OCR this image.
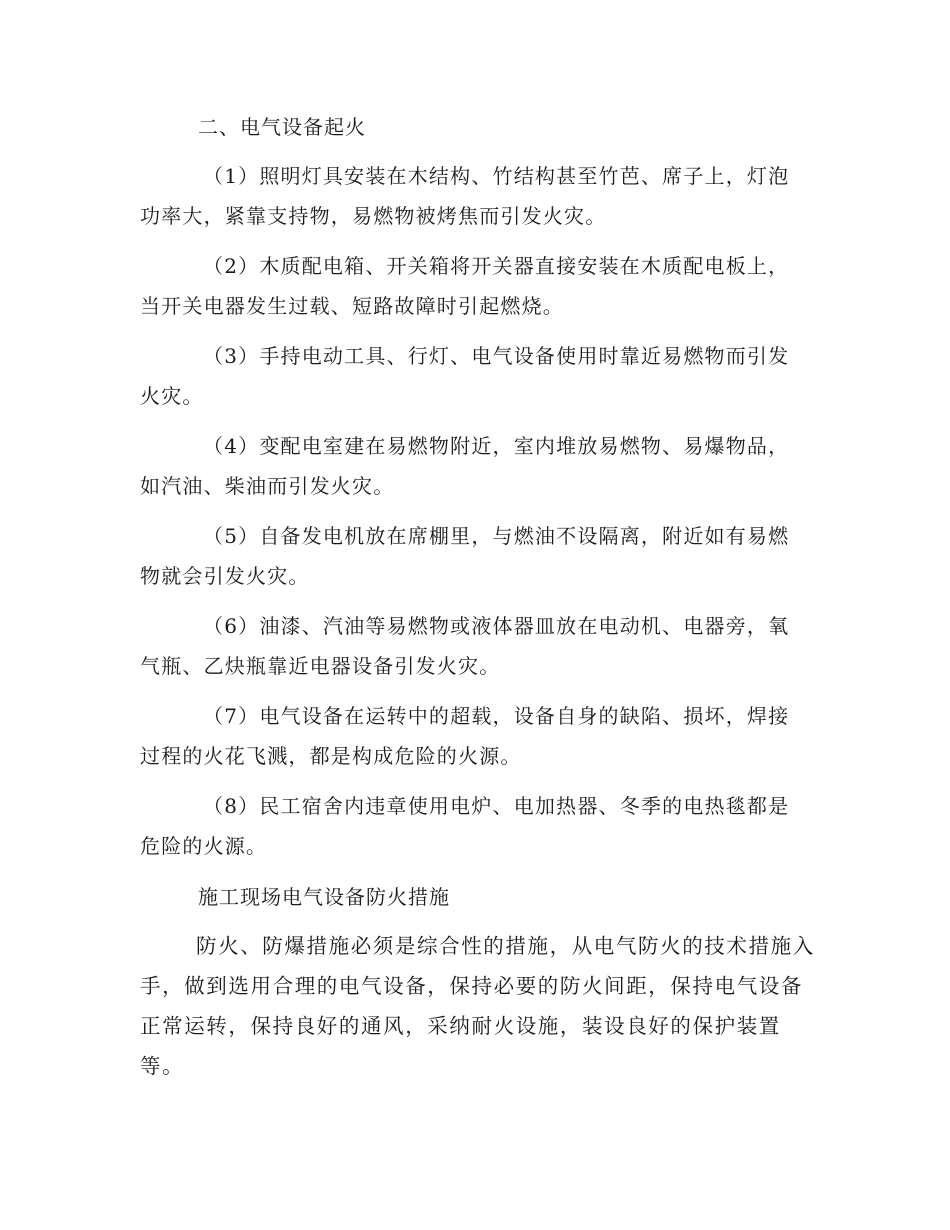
二、电气设备起火
（1）照明灯具安装在木结构、竹结构甚至竹芭、席子上，灯泡
功率大，紧靠支持物，易燃物被烤焦而引发火灾。
（2）木质配电箱、开关箱将开关器直接安装在木质配电板上，
当开关电器发生过载、短路故障时引起燃烧。
（3）手持电动工具、行灯、电气设备使用时靠近易燃物而引发
火灾。
（4）变配电室建在易燃物附近，室内堆放易燃物、易爆物品，
如汽油、柴油而引发火灾。
（5）自备发电机放在席棚里，与燃油不设隔离，附近如有易燃
物就会引发火灾。
（6）油漆、汽油等易燃物或液体器皿放在电动机、电器旁，氧
气瓶、乙炔瓶靠近电器设备引发火灾。
（7）电气设备在运转中的超载，设备自身的缺陷、损坏，焊接
过程的火花飞溅，都是构成危险的火源。
（8）民工宿舍内违章使用电炉、电加热器、冬季的电热毯都是
危险的火源。
施工现场电气设备防火措施
防火、防爆措施必须是综合性的措施，从电气防火的技术措施入
手，做到选用合理的电气设备，保持必要的防火间距，保持电气设备
正常运转，保持良好的通风，采纳耐火设施，装设良好的保护装置
等。
